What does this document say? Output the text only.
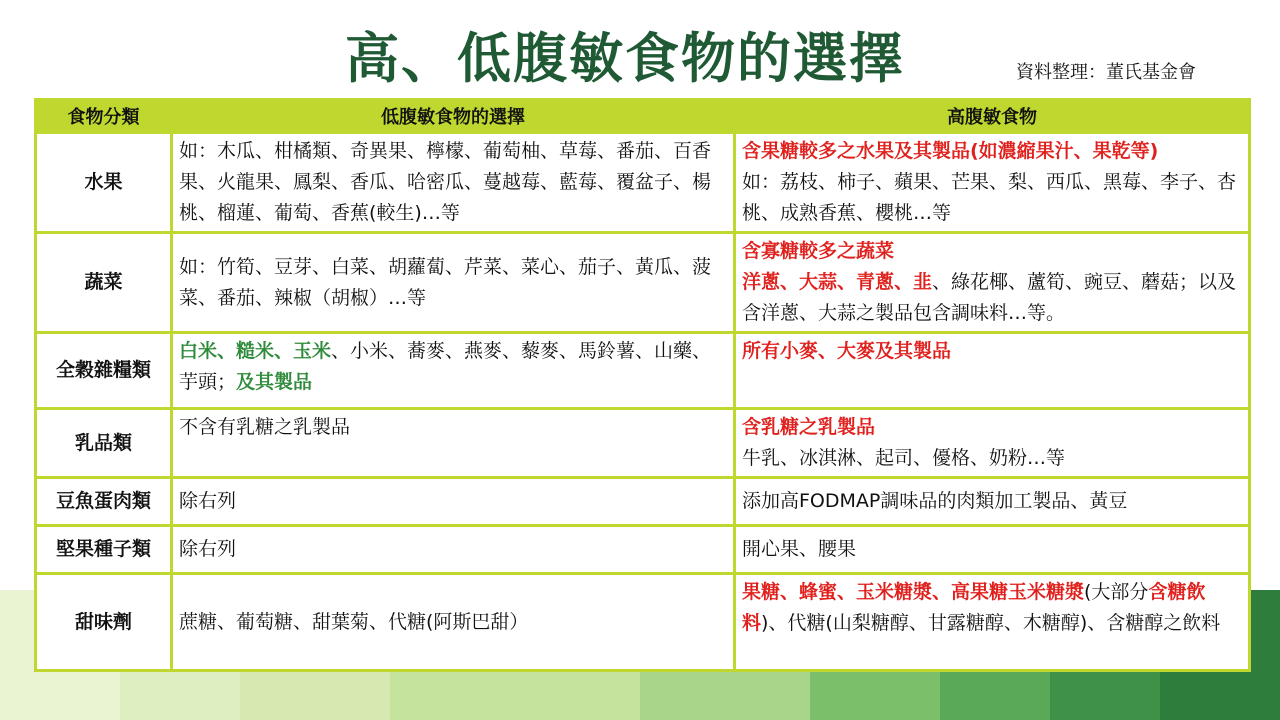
高、低腹敏食物的選擇	資料整理：董氏基金會
食物分類	低腹敏食物的選擇	高腹敏食物
水果	如：木瓜、柑橘類、奇異果、檸檬、葡萄柚、草莓、番茄、百香果、火龍果、鳳梨、香瓜、哈密瓜、蔓越莓、藍莓、覆盆子、楊桃、榴蓮、葡萄、香蕉(較生)…等	含果糖較多之水果及其製品(如濃縮果汁、果乾等)
如：荔枝、柿子、蘋果、芒果、梨、西瓜、黑莓、李子、杏桃、成熟香蕉、櫻桃…等
蔬菜	如：竹筍、豆芽、白菜、胡蘿蔔、芹菜、菜心、茄子、黃瓜、菠菜、番茄、辣椒（胡椒）…等	含寡糖較多之蔬菜
洋蔥、大蒜、青蔥、韭、綠花椰、蘆筍、豌豆、蘑菇；以及含洋蔥、大蒜之製品包含調味料…等。
全穀雜糧類	白米、糙米、玉米、小米、蕎麥、燕麥、藜麥、馬鈴薯、山藥、芋頭；及其製品	所有小麥、大麥及其製品
乳品類	不含有乳糖之乳製品	含乳糖之乳製品
牛乳、冰淇淋、起司、優格、奶粉…等
豆魚蛋肉類	除右列	添加高FODMAP調味品的肉類加工製品、黃豆
堅果種子類	除右列	開心果、腰果
甜味劑	蔗糖、葡萄糖、甜葉菊、代糖(阿斯巴甜）	果糖、蜂蜜、玉米糖漿、高果糖玉米糖漿(大部分含糖飲料)、代糖(山梨糖醇、甘露糖醇、木糖醇)、含糖醇之飲料
